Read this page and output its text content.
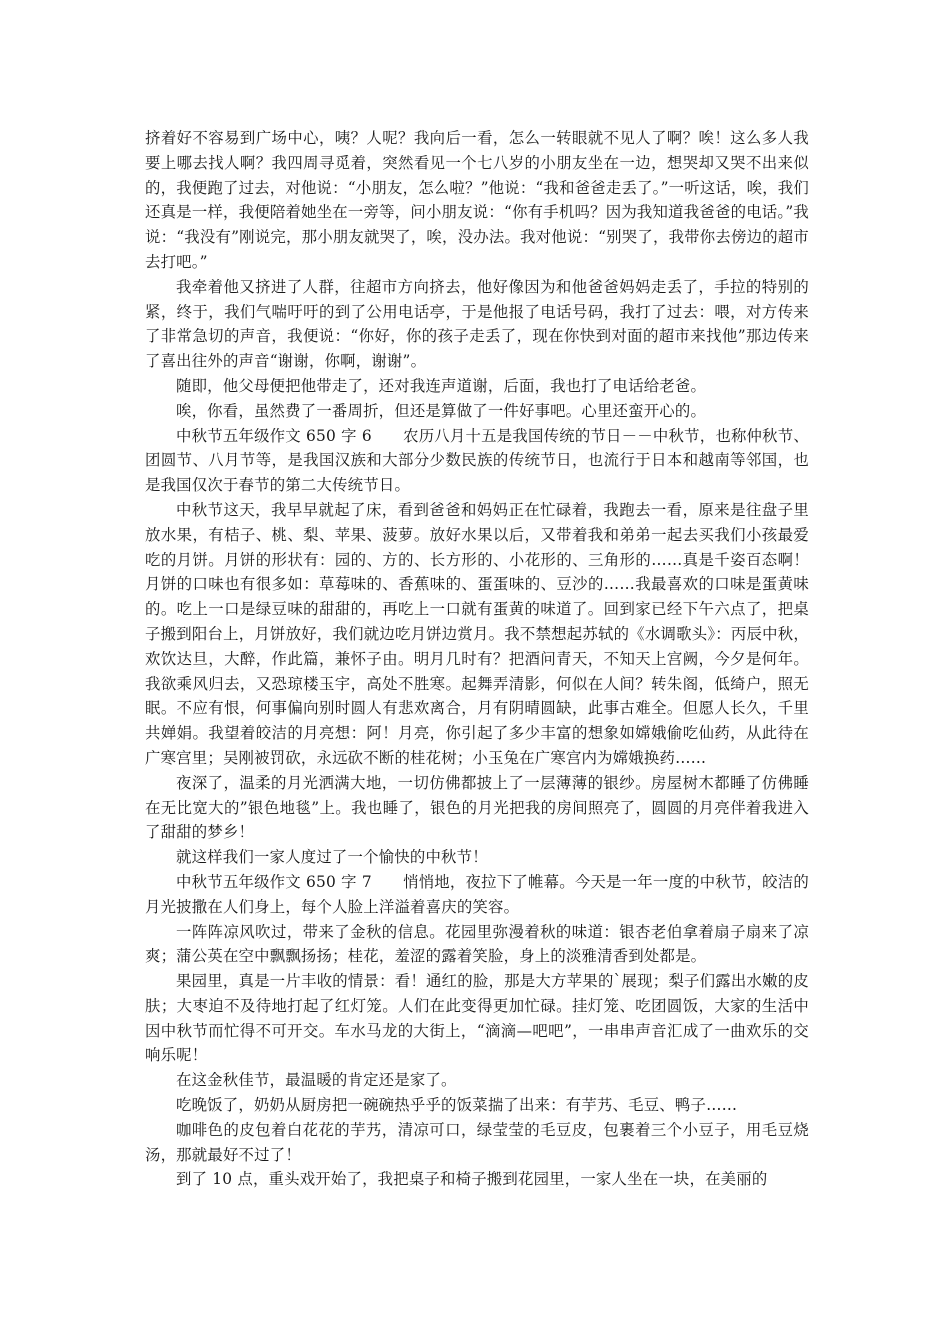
挤着好不容易到广场中心，咦？人呢？我向后一看，怎么一转眼就不见人了啊？唉！这么多人我要上哪去找人啊？我四周寻觅着，突然看见一个七八岁的小朋友坐在一边，想哭却又哭不出来似的，我便跑了过去，对他说：“小朋友，怎么啦？”他说：“我和爸爸走丢了。”一听这话，唉，我们还真是一样，我便陪着她坐在一旁等，问小朋友说：“你有手机吗？因为我知道我爸爸的电话。”我说：“我没有”刚说完，那小朋友就哭了，唉，没办法。我对他说：“别哭了，我带你去傍边的超市去打吧。”

我牵着他又挤进了人群，往超市方向挤去，他好像因为和他爸爸妈妈走丢了，手拉的特别的紧，终于，我们气喘吁吁的到了公用电话亭，于是他报了电话号码，我打了过去：喂，对方传来了非常急切的声音，我便说：“你好，你的孩子走丢了，现在你快到对面的超市来找他”那边传来了喜出往外的声音“谢谢，你啊，谢谢”。

随即，他父母便把他带走了，还对我连声道谢，后面，我也打了电话给老爸。

唉，你看，虽然费了一番周折，但还是算做了一件好事吧。心里还蛮开心的。

中秋节五年级作文 650 字 6　　农历八月十五是我国传统的节日－－中秋节，也称仲秋节、团圆节、八月节等，是我国汉族和大部分少数民族的传统节日，也流行于日本和越南等邻国，也是我国仅次于春节的第二大传统节日。

中秋节这天，我早早就起了床，看到爸爸和妈妈正在忙碌着，我跑去一看，原来是往盘子里放水果，有桔子、桃、梨、苹果、菠萝。放好水果以后，又带着我和弟弟一起去买我们小孩最爱吃的月饼。月饼的形状有：园的、方的、长方形的、小花形的、三角形的……真是千姿百态啊！月饼的口味也有很多如：草莓味的、香蕉味的、蛋蛋味的、豆沙的……我最喜欢的口味是蛋黄味的。吃上一口是绿豆味的甜甜的，再吃上一口就有蛋黄的味道了。回到家已经下午六点了，把桌子搬到阳台上，月饼放好，我们就边吃月饼边赏月。我不禁想起苏轼的《水调歌头》：丙辰中秋，欢饮达旦，大醉，作此篇，兼怀子由。明月几时有？把酒问青天，不知天上宫阙，今夕是何年。我欲乘风归去，又恐琼楼玉宇，高处不胜寒。起舞弄清影，何似在人间？转朱阁，低绮户，照无眠。不应有恨，何事偏向别时圆人有悲欢离合，月有阴晴圆缺，此事古难全。但愿人长久，千里共婵娟。我望着皎洁的月亮想：阿！月亮，你引起了多少丰富的想象如嫦娥偷吃仙药，从此待在广寒宫里；吴刚被罚砍，永远砍不断的桂花树；小玉兔在广寒宫内为嫦娥换药……

夜深了，温柔的月光洒满大地，一切仿佛都披上了一层薄薄的银纱。房屋树木都睡了仿佛睡在无比宽大的”银色地毯”上。我也睡了，银色的月光把我的房间照亮了，圆圆的月亮伴着我进入了甜甜的梦乡！

就这样我们一家人度过了一个愉快的中秋节！

中秋节五年级作文 650 字 7　　悄悄地，夜拉下了帷幕。今天是一年一度的中秋节，皎洁的月光披撒在人们身上，每个人脸上洋溢着喜庆的笑容。

一阵阵凉风吹过，带来了金秋的信息。花园里弥漫着秋的味道：银杏老伯拿着扇子扇来了凉爽；蒲公英在空中飘飘扬扬；桂花，羞涩的露着笑脸，身上的淡雅清香到处都是。

果园里，真是一片丰收的情景：看！通红的脸，那是大方苹果的`展现；梨子们露出水嫩的皮肤；大枣迫不及待地打起了红灯笼。人们在此变得更加忙碌。挂灯笼、吃团圆饭，大家的生活中因中秋节而忙得不可开交。车水马龙的大街上，“滴滴—吧吧”，一串串声音汇成了一曲欢乐的交响乐呢！

在这金秋佳节，最温暖的肯定还是家了。

吃晚饭了，奶奶从厨房把一碗碗热乎乎的饭菜揣了出来：有芋艿、毛豆、鸭子……

咖啡色的皮包着白花花的芋艿，清凉可口，绿莹莹的毛豆皮，包裹着三个小豆子，用毛豆烧汤，那就最好不过了！

到了 10 点，重头戏开始了，我把桌子和椅子搬到花园里，一家人坐在一块，在美丽的
